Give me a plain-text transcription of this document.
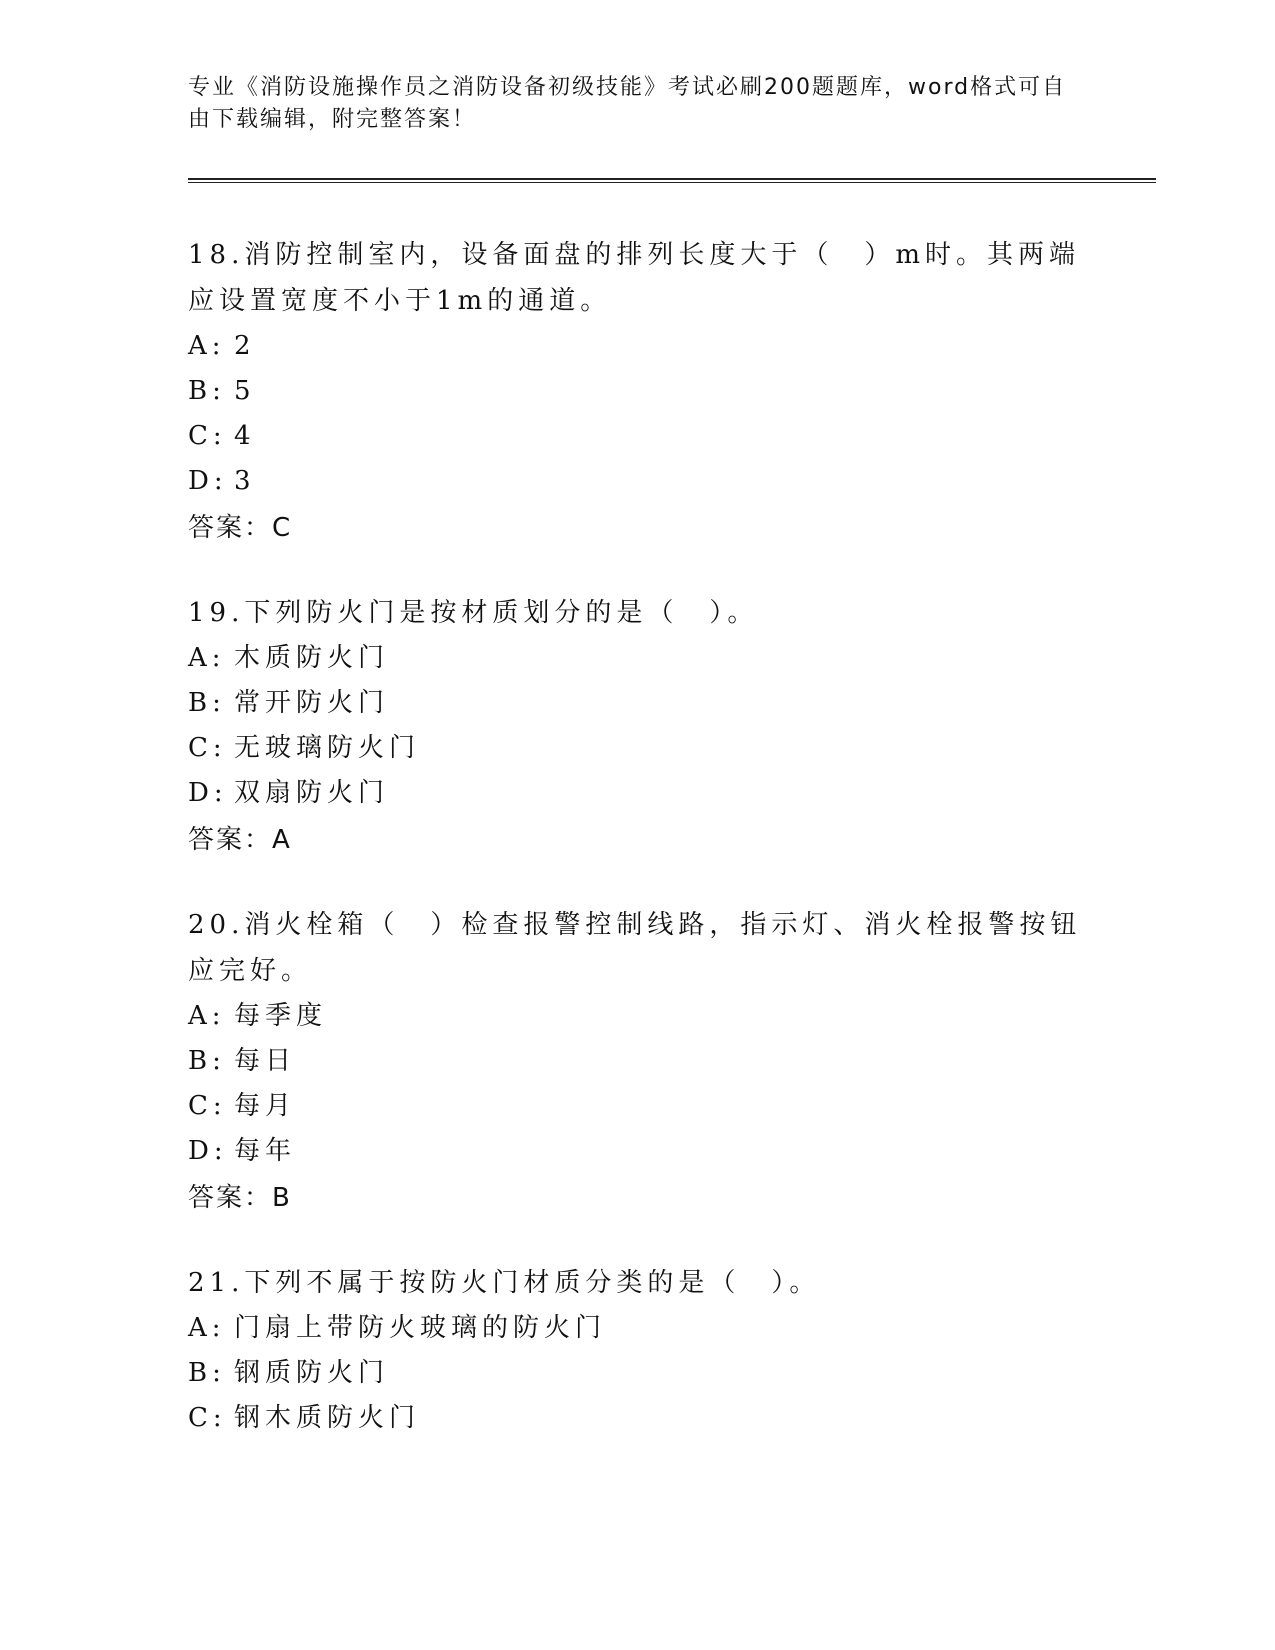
专业《消防设施操作员之消防设备初级技能》考试必刷200题题库，word格式可自由下载编辑，附完整答案！

18.消防控制室内，设备面盘的排列长度大于（　）m时。其两端应设置宽度不小于1m的通道。

A: 2

B: 5

C: 4

D: 3

答案：C

19.下列防火门是按材质划分的是（　）。

A: 木质防火门

B: 常开防火门

C: 无玻璃防火门

D: 双扇防火门

答案：A

20.消火栓箱（　）检查报警控制线路，指示灯、消火栓报警按钮应完好。

A: 每季度

B: 每日

C: 每月

D: 每年

答案：B

21.下列不属于按防火门材质分类的是（　）。

A: 门扇上带防火玻璃的防火门

B: 钢质防火门

C: 钢木质防火门
